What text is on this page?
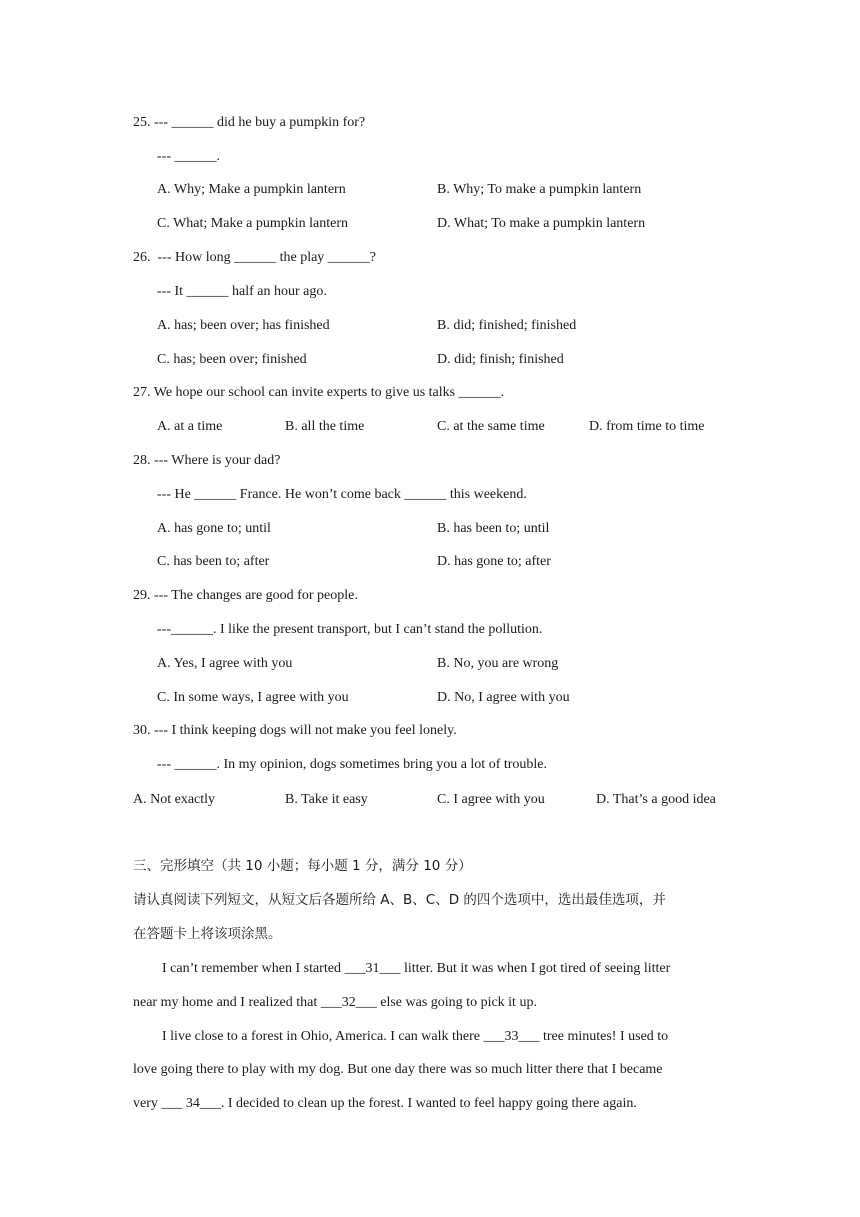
25. --- ______ did he buy a pumpkin for?
--- ______.
A. Why; Make a pumpkin lantern	B. Why; To make a pumpkin lantern
C. What; Make a pumpkin lantern	D. What; To make a pumpkin lantern
26.  --- How long ______ the play ______?
--- It ______ half an hour ago.
A. has; been over; has finished	B. did; finished; finished
C. has; been over; finished	D. did; finish; finished
27. We hope our school can invite experts to give us talks ______.
A. at a time	B. all the time	C. at the same time	D. from time to time
28. --- Where is your dad?
--- He ______ France. He won’t come back ______ this weekend.
A. has gone to; until	B. has been to; until
C. has been to; after	D. has gone to; after
29. --- The changes are good for people.
---______. I like the present transport, but I can’t stand the pollution.
A. Yes, I agree with you	B. No, you are wrong
C. In some ways, I agree with you	D. No, I agree with you
30. --- I think keeping dogs will not make you feel lonely.
--- ______. In my opinion, dogs sometimes bring you a lot of trouble.
A. Not exactly	B. Take it easy	C. I agree with you	D. That’s a good idea
三、完形填空（共 10 小题；每小题 1 分，满分 10 分）
请认真阅读下列短文，从短文后各题所给 A、B、C、D 的四个选项中，选出最佳选项，并
在答题卡上将该项涂黑。
I can’t remember when I started ___31___ litter. But it was when I got tired of seeing litter
near my home and I realized that ___32___ else was going to pick it up.
I live close to a forest in Ohio, America. I can walk there ___33___ tree minutes! I used to
love going there to play with my dog. But one day there was so much litter there that I became
very ___ 34___. I decided to clean up the forest. I wanted to feel happy going there again.
